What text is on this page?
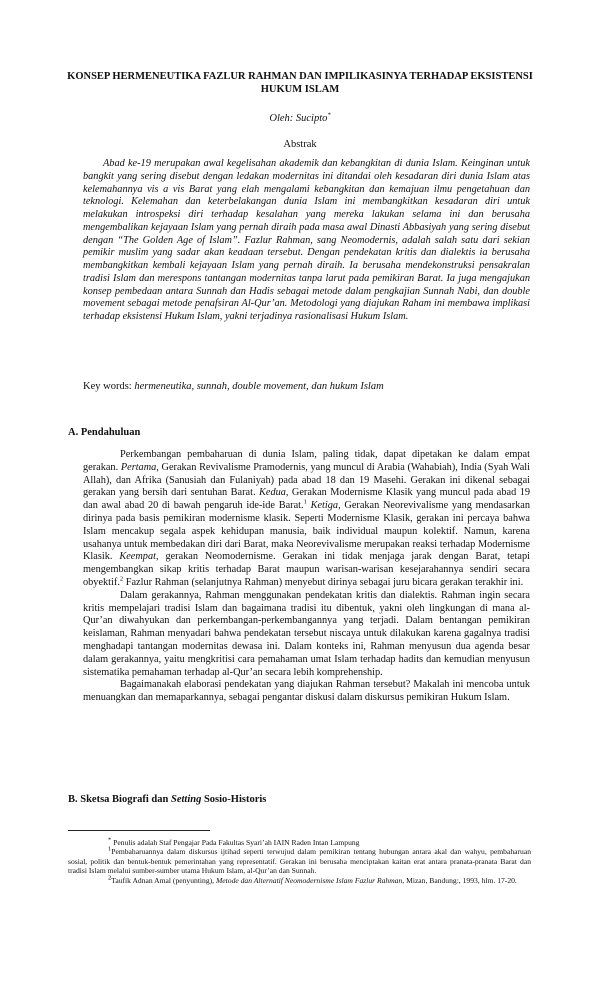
KONSEP HERMENEUTIKA FAZLUR RAHMAN DAN IMPILIKASINYA TERHADAP EKSISTENSI HUKUM ISLAM
Oleh: Sucipto*
Abstrak

Abad ke-19 merupakan awal kegelisahan akademik dan kebangkitan di dunia Islam. Keinginan untuk bangkit yang sering disebut dengan ledakan modernitas ini ditandai oleh kesadaran diri dunia Islam atas kelemahannya vis a vis Barat yang elah mengalami kebangkitan dan kemajuan ilmu pengetahuan dan teknologi. Kelemahan dan keterbelakangan dunia Islam ini membangkitkan kesadaran diri untuk melakukan introspeksi diri terhadap kesalahan yang mereka lakukan selama ini dan berusaha mengembalikan kejayaan Islam yang pernah diraih pada masa awal Dinasti Abbasiyah yang sering disebut dengan “The Golden Age of Islam”. Fazlur Rahman, sang Neomodernis, adalah salah satu dari sekian pemikir muslim yang sadar akan keadaan tersebut. Dengan pendekatan kritis dan dialektis ia berusaha membangkitkan kembali kejayaan Islam yang pernah diraih. Ia berusaha mendekonstruksi pensakralan tradisi Islam dan merespons tantangan modernitas tanpa larut pada pemikiran Barat. Ia juga mengajukan konsep pembedaan antara Sunnah dan Hadis sebagai metode dalam pengkajian Sunnah Nabi, dan double movement sebagai metode penafsiran Al-Qur’an. Metodologi yang diajukan Raham ini membawa implikasi terhadap eksistensi Hukum Islam, yakni terjadinya rasionalisasi Hukum Islam.

Key words: hermeneutika, sunnah, double movement, dan hukum Islam
A. Pendahuluan

Perkembangan pembaharuan di dunia Islam, paling tidak, dapat dipetakan ke dalam empat gerakan. Pertama, Gerakan Revivalisme Pramodernis, yang muncul di Arabia (Wahabiah), India (Syah Wali Allah), dan Afrika (Sanusiah dan Fulaniyah) pada abad 18 dan 19 Masehi. Gerakan ini dikenal sebagai gerakan yang bersih dari sentuhan Barat. Kedua, Gerakan Modernisme Klasik yang muncul pada abad 19 dan awal abad 20 di bawah pengaruh ide-ide Barat.$^1$ Ketiga, Gerakan Neorevivalisme yang mendasarkan dirinya pada basis pemikiran modernisme klasik. Seperti Modernisme Klasik, gerakan ini percaya bahwa Islam mencakup segala aspek kehidupan manusia, baik individual maupun kolektif. Namun, karena usahanya untuk membedakan diri dari Barat, maka Neorevivalisme merupakan reaksi terhadap Modernisme Klasik. Keempat, gerakan Neomodernisme. Gerakan ini tidak menjaga jarak dengan Barat, tetapi mengembangkan sikap kritis terhadap Barat maupun warisan-warisan kesejarahannya sendiri secara obyektif.$^2$ Fazlur Rahman (selanjutnya Rahman) menyebut dirinya sebagai juru bicara gerakan terakhir ini.

Dalam gerakannya, Rahman menggunakan pendekatan kritis dan dialektis. Rahman ingin secara kritis mempelajari tradisi Islam dan bagaimana tradisi itu dibentuk, yakni oleh lingkungan di mana al-Qur’an diwahyukan dan perkembangan-perkembangannya yang terjadi. Dalam bentangan pemikiran keislaman, Rahman menyadari bahwa pendekatan tersebut niscaya untuk dilakukan karena gagalnya tradisi menghadapi tantangan modernitas dewasa ini. Dalam konteks ini, Rahman menyusun dua agenda besar dalam gerakannya, yaitu mengkritisi cara pemahaman umat Islam terhadap hadits dan kemudian menyusun sistematika pemahaman terhadap al-Qur’an secara lebih komprehenship.

Bagaimanakah elaborasi pendekatan yang diajukan Rahman tersebut? Makalah ini mencoba untuk menuangkan dan memaparkannya, sebagai pengantar diskusi dalam diskursus pemikiran Hukum Islam.

B. Sketsa Biografi dan Setting Sosio-Historis

* Penulis adalah Staf Pengajar Pada Fakultas Syari’ah IAIN Raden Intan Lampung

$^1$Pembaharuannya dalam diskursus ijtihad seperti terwujud dalam pemikiran tentang hubungan antara akal dan wahyu, pembaharuan sosial, politik dan bentuk-bentuk pemerintahan yang representatif. Gerakan ini berusaha menciptakan kaitan erat antara pranata-pranata Barat dan tradisi Islam melalui sumber-sumber utama Hukum Islam, al-Qur’an dan Sunnah.

$^2$Taufik Adnan Amal (penyunting), Metode dan Alternatif Neomodernisme Islam Fazlur Rahman, Mizan, Bandung:, 1993, hlm. 17-20.
